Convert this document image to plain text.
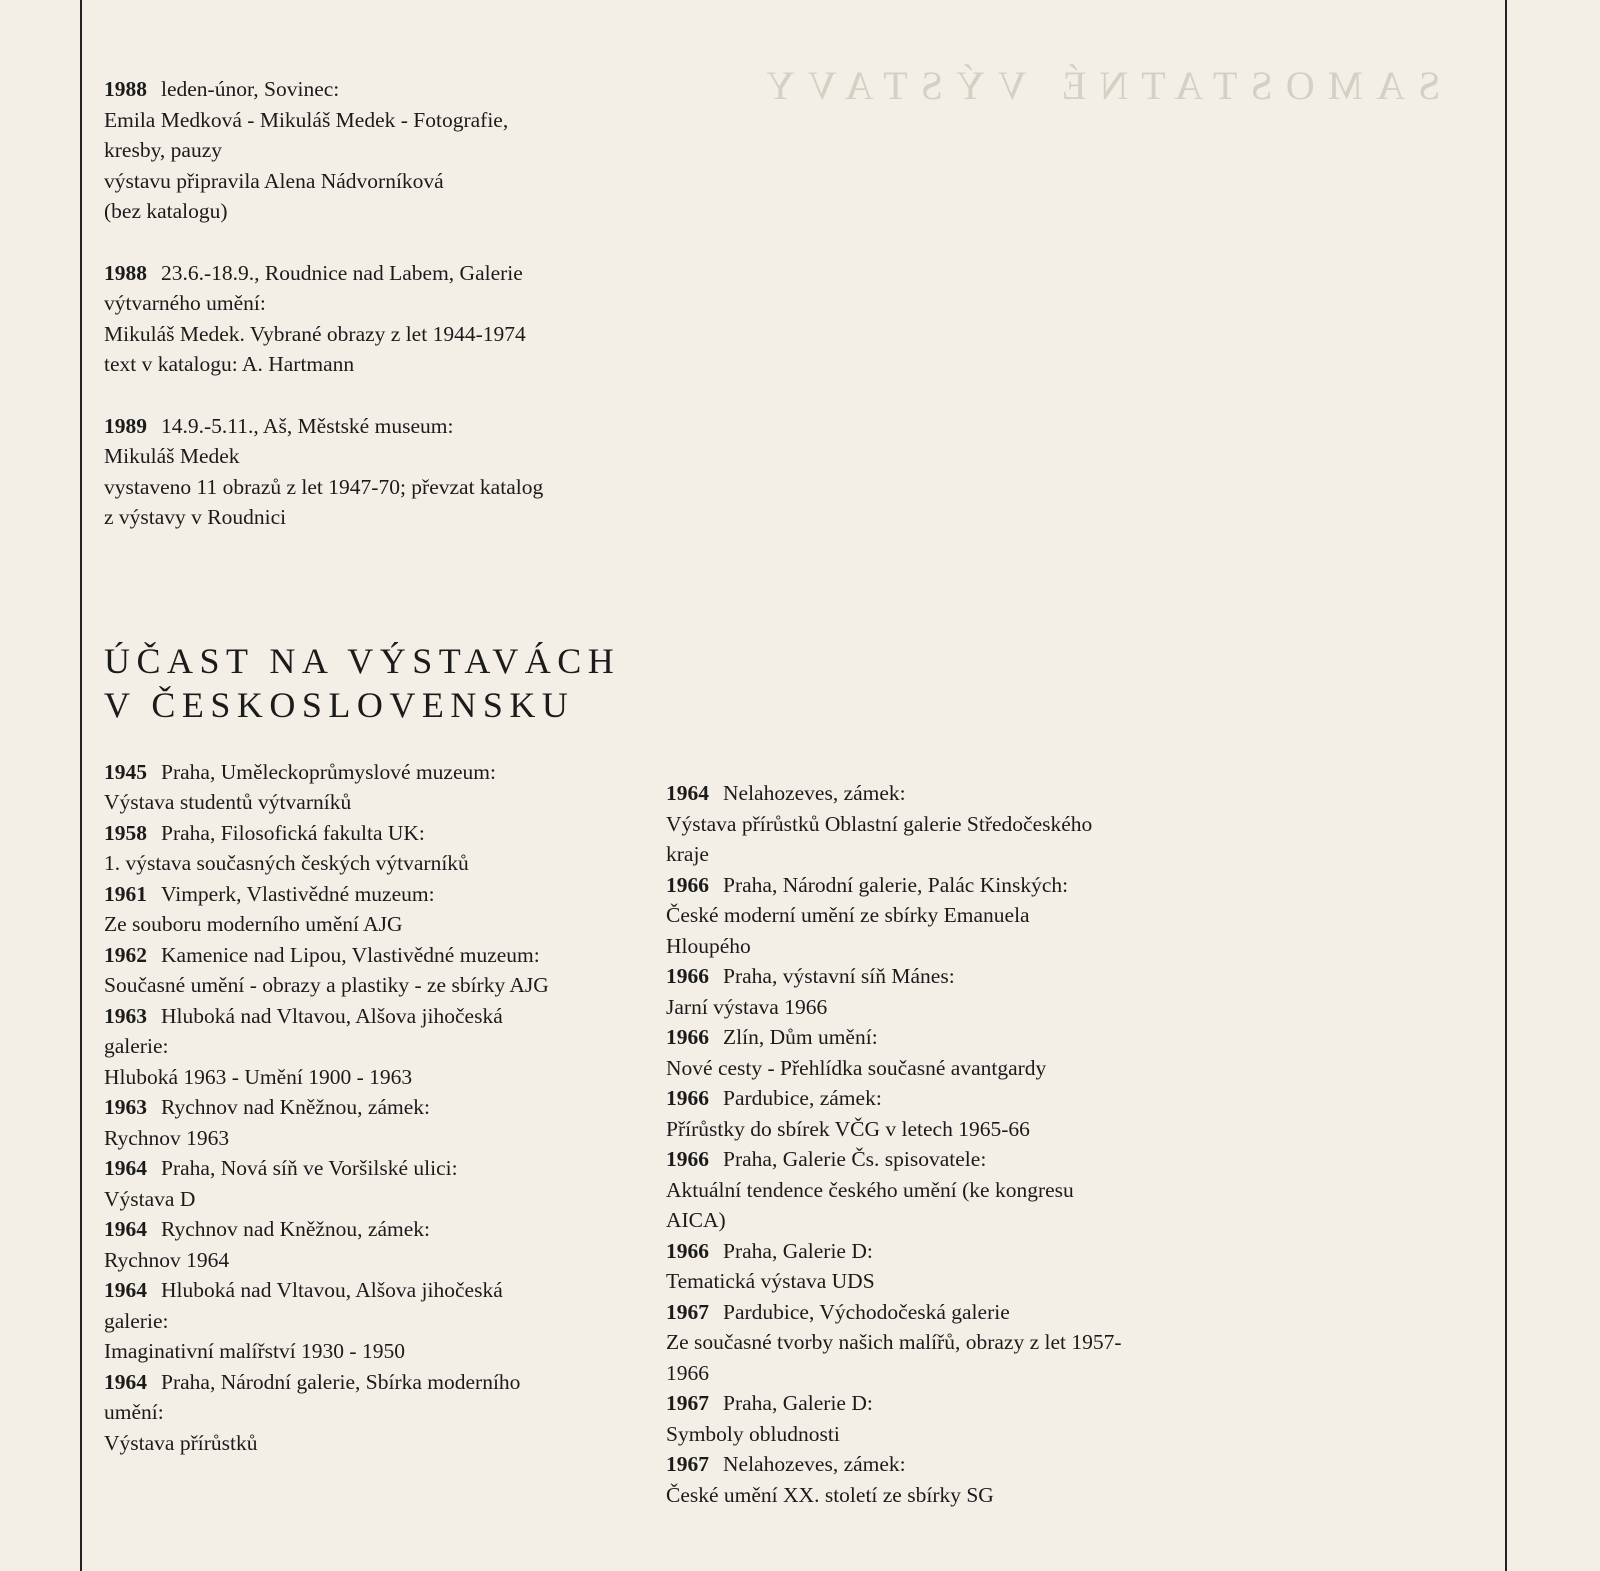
SAMOSTATNÉ VÝSTAVY
1988 leden-únor, Sovinec:
Emila Medková - Mikuláš Medek - Fotografie,
kresby, pauzy
výstavu připravila Alena Nádvorníková
(bez katalogu)
1988 23.6.-18.9., Roudnice nad Labem, Galerie
výtvarného umění:
Mikuláš Medek. Vybrané obrazy z let 1944-1974
text v katalogu: A. Hartmann
1989 14.9.-5.11., Aš, Městské museum:
Mikuláš Medek
vystaveno 11 obrazů z let 1947-70; převzat katalog
z výstavy v Roudnici
ÚČAST NA VÝSTAVÁCH
V ČESKOSLOVENSKU
1945 Praha, Uměleckoprůmyslové muzeum:
Výstava studentů výtvarníků
1958 Praha, Filosofická fakulta UK:
1. výstava současných českých výtvarníků
1961 Vimperk, Vlastivědné muzeum:
Ze souboru moderního umění AJG
1962 Kamenice nad Lipou, Vlastivědné muzeum:
Současné umění - obrazy a plastiky - ze sbírky AJG
1963 Hluboká nad Vltavou, Alšova jihočeská
galerie:
Hluboká 1963 - Umění 1900 - 1963
1963 Rychnov nad Kněžnou, zámek:
Rychnov 1963
1964 Praha, Nová síň ve Voršilské ulici:
Výstava D
1964 Rychnov nad Kněžnou, zámek:
Rychnov 1964
1964 Hluboká nad Vltavou, Alšova jihočeská
galerie:
Imaginativní malířství 1930 - 1950
1964 Praha, Národní galerie, Sbírka moderního
umění:
Výstava přírůstků
1964 Nelahozeves, zámek:
Výstava přírůstků Oblastní galerie Středočeského
kraje
1966 Praha, Národní galerie, Palác Kinských:
České moderní umění ze sbírky Emanuela
Hloupého
1966 Praha, výstavní síň Mánes:
Jarní výstava 1966
1966 Zlín, Dům umění:
Nové cesty - Přehlídka současné avantgardy
1966 Pardubice, zámek:
Přírůstky do sbírek VČG v letech 1965-66
1966 Praha, Galerie Čs. spisovatele:
Aktuální tendence českého umění (ke kongresu
AICA)
1966 Praha, Galerie D:
Tematická výstava UDS
1967 Pardubice, Východočeská galerie
Ze současné tvorby našich malířů, obrazy z let 1957-
1966
1967 Praha, Galerie D:
Symboly obludnosti
1967 Nelahozeves, zámek:
České umění XX. století ze sbírky SG
